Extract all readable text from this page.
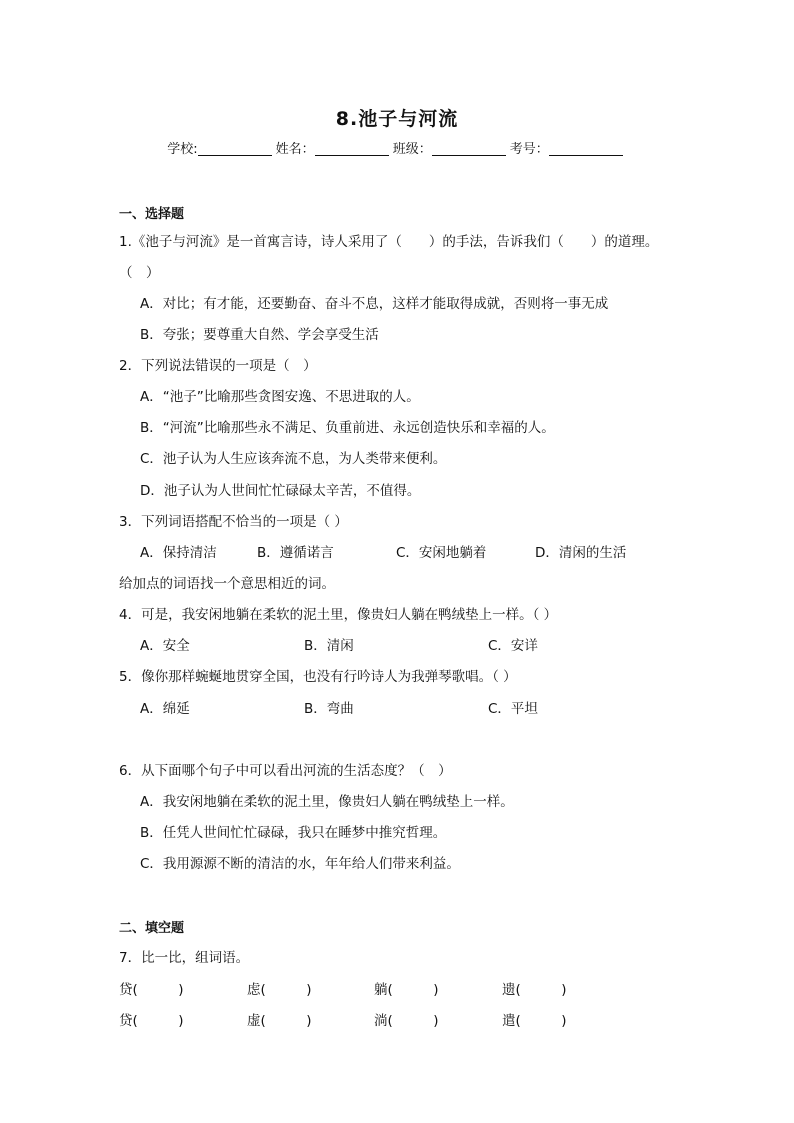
8.池子与河流
学校:	姓名：	班级：	考号：
一、选择题
1.《池子与河流》是一首寓言诗，诗人采用了（　　）的手法，告诉我们（　　）的道理。
（　）
A．对比；有才能，还要勤奋、奋斗不息，这样才能取得成就，否则将一事无成
B．夸张；要尊重大自然、学会享受生活
2．下列说法错误的一项是（　）
A．“池子”比喻那些贪图安逸、不思进取的人。
B．“河流”比喻那些永不满足、负重前进、永远创造快乐和幸福的人。
C．池子认为人生应该奔流不息，为人类带来便利。
D．池子认为人世间忙忙碌碌太辛苦，不值得。
3．下列词语搭配不恰当的一项是（ ）
A．保持清洁	B．遵循诺言	C．安闲地躺着	D．清闲的生活
给加点的词语找一个意思相近的词。
4．可是，我安闲地躺在柔软的泥土里，像贵妇人躺在鸭绒垫上一样。（ ）
A．安全	B．清闲	C．安详
5．像你那样蜿蜒地贯穿全国，也没有行吟诗人为我弹琴歌唱。（ ）
A．绵延	B．弯曲	C．平坦
6．从下面哪个句子中可以看出河流的生活态度？（　）
A．我安闲地躺在柔软的泥土里，像贵妇人躺在鸭绒垫上一样。
B．任凭人世间忙忙碌碌，我只在睡梦中推究哲理。
C．我用源源不断的清洁的水，年年给人们带来利益。
二、填空题
7．比一比，组词语。
贷(　　　)	虑(　　　)	躺(　　　)	遗(　　　)
贷(　　　)	虚(　　　)	淌(　　　)	遣(　　　)
